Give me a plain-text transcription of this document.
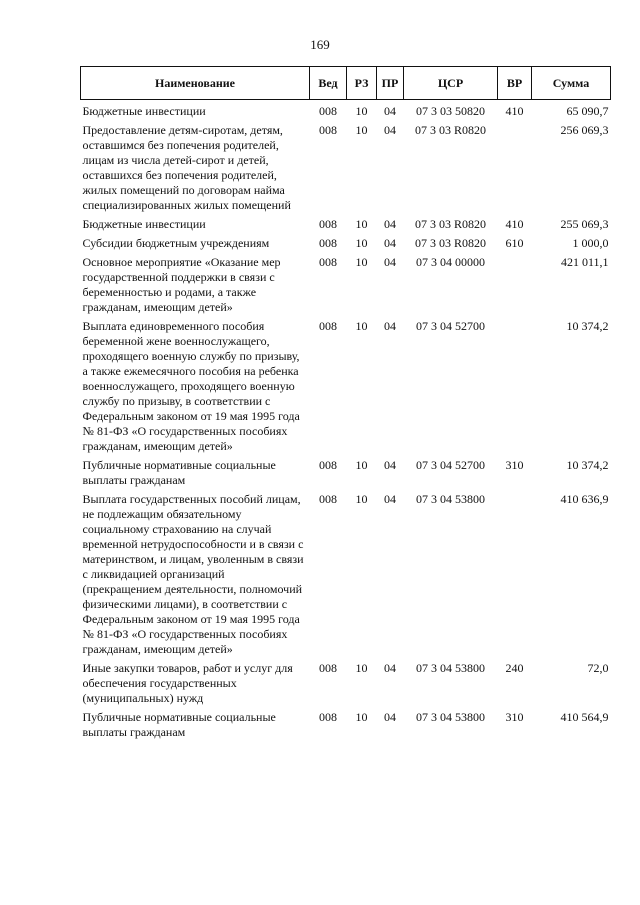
169
Наименование	Вед	РЗ	ПР	ЦСР	ВР	Сумма
Бюджетные инвестиции	008	10	04	07 3 03 50820	410	65 090,7
Предоставление детям-сиротам, детям, оставшимся без попечения родителей, лицам из числа детей-сирот и детей, оставшихся без попечения родителей, жилых помещений по договорам найма специализированных жилых помещений	008	10	04	07 3 03 R0820		256 069,3
Бюджетные инвестиции	008	10	04	07 3 03 R0820	410	255 069,3
Субсидии бюджетным учреждениям	008	10	04	07 3 03 R0820	610	1 000,0
Основное мероприятие «Оказание мер государственной поддержки в связи с беременностью и родами, а также гражданам, имеющим детей»	008	10	04	07 3 04 00000		421 011,1
Выплата единовременного пособия беременной жене военнослужащего, проходящего военную службу по призыву, а также ежемесячного пособия на ребенка военнослужащего, проходящего военную службу по призыву, в соответствии с Федеральным законом от 19 мая 1995 года № 81-ФЗ «О государственных пособиях гражданам, имеющим детей»	008	10	04	07 3 04 52700		10 374,2
Публичные нормативные социальные выплаты гражданам	008	10	04	07 3 04 52700	310	10 374,2
Выплата государственных пособий лицам, не подлежащим обязательному социальному страхованию на случай временной нетрудоспособности и в связи с материнством, и лицам, уволенным в связи с ликвидацией организаций (прекращением деятельности, полномочий физическими лицами), в соответствии с Федеральным законом от 19 мая 1995 года № 81-ФЗ «О государственных пособиях гражданам, имеющим детей»	008	10	04	07 3 04 53800		410 636,9
Иные закупки товаров, работ и услуг для обеспечения государственных (муниципальных) нужд	008	10	04	07 3 04 53800	240	72,0
Публичные нормативные социальные выплаты гражданам	008	10	04	07 3 04 53800	310	410 564,9
